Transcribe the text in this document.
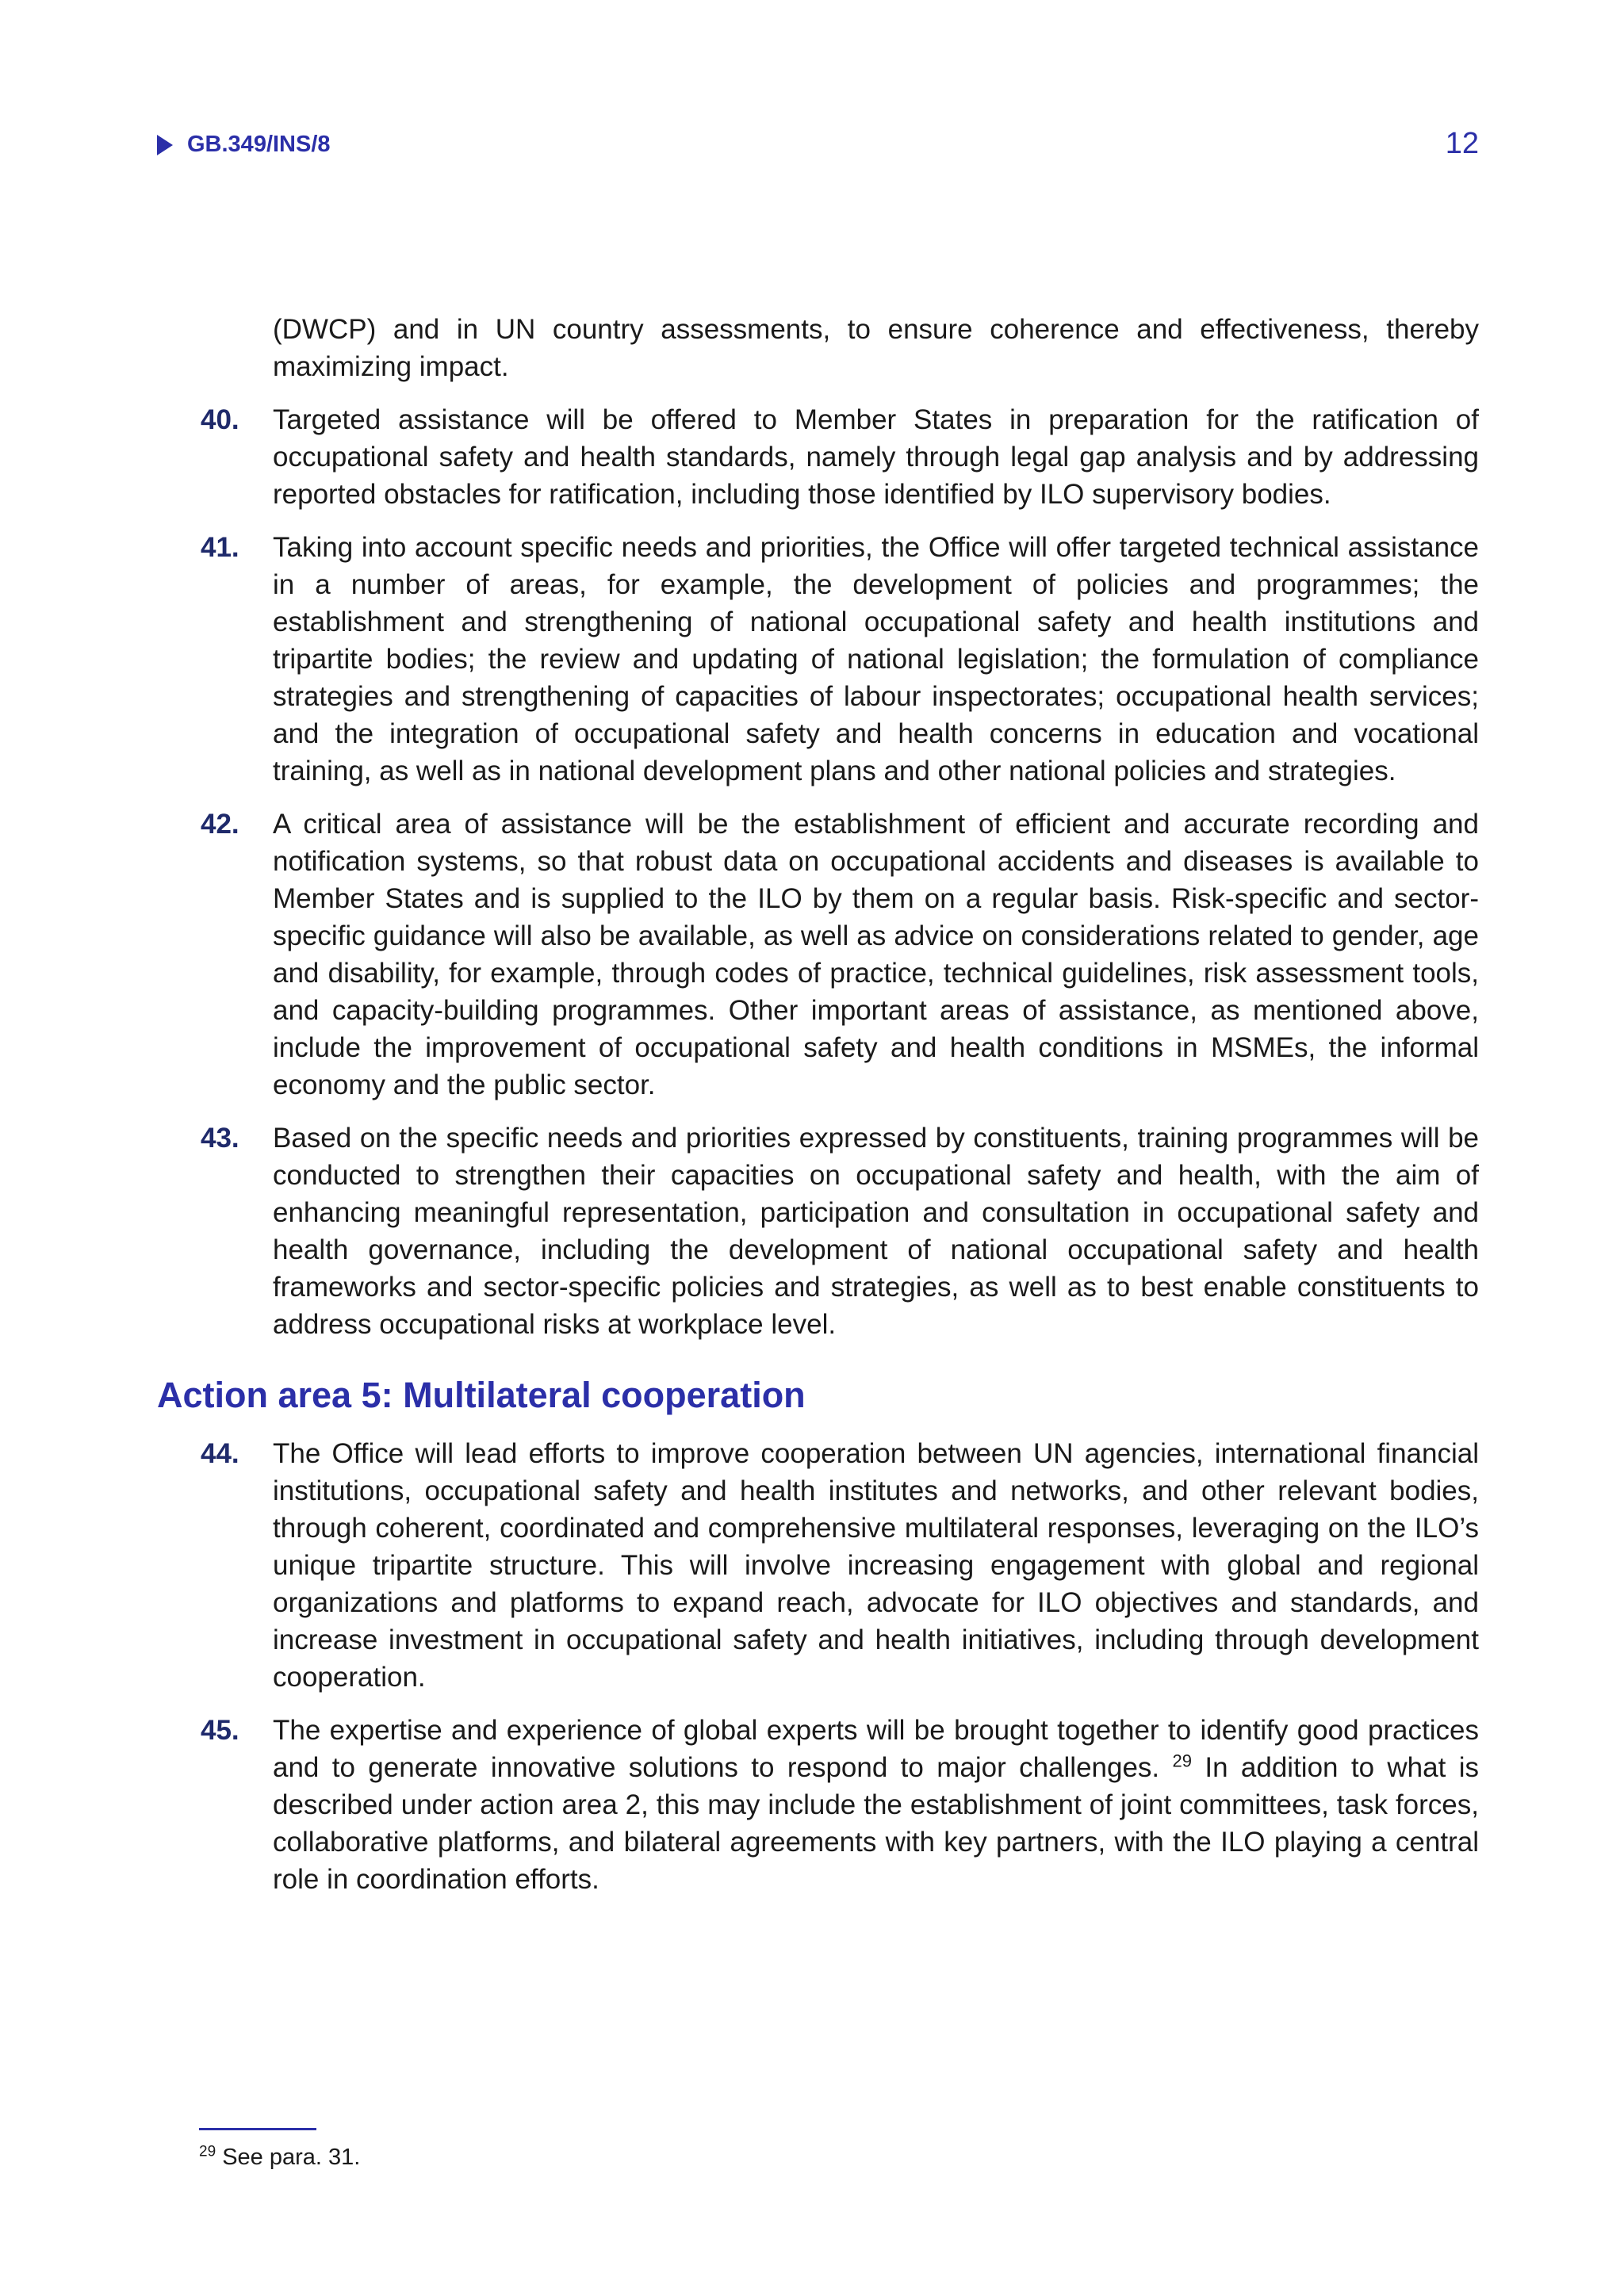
GB.349/INS/8	12
(DWCP) and in UN country assessments, to ensure coherence and effectiveness, thereby maximizing impact.
40. Targeted assistance will be offered to Member States in preparation for the ratification of occupational safety and health standards, namely through legal gap analysis and by addressing reported obstacles for ratification, including those identified by ILO supervisory bodies.
41. Taking into account specific needs and priorities, the Office will offer targeted technical assistance in a number of areas, for example, the development of policies and programmes; the establishment and strengthening of national occupational safety and health institutions and tripartite bodies; the review and updating of national legislation; the formulation of compliance strategies and strengthening of capacities of labour inspectorates; occupational health services; and the integration of occupational safety and health concerns in education and vocational training, as well as in national development plans and other national policies and strategies.
42. A critical area of assistance will be the establishment of efficient and accurate recording and notification systems, so that robust data on occupational accidents and diseases is available to Member States and is supplied to the ILO by them on a regular basis. Risk-specific and sector-specific guidance will also be available, as well as advice on considerations related to gender, age and disability, for example, through codes of practice, technical guidelines, risk assessment tools, and capacity-building programmes. Other important areas of assistance, as mentioned above, include the improvement of occupational safety and health conditions in MSMEs, the informal economy and the public sector.
43. Based on the specific needs and priorities expressed by constituents, training programmes will be conducted to strengthen their capacities on occupational safety and health, with the aim of enhancing meaningful representation, participation and consultation in occupational safety and health governance, including the development of national occupational safety and health frameworks and sector-specific policies and strategies, as well as to best enable constituents to address occupational risks at workplace level.
Action area 5: Multilateral cooperation
44. The Office will lead efforts to improve cooperation between UN agencies, international financial institutions, occupational safety and health institutes and networks, and other relevant bodies, through coherent, coordinated and comprehensive multilateral responses, leveraging on the ILO’s unique tripartite structure. This will involve increasing engagement with global and regional organizations and platforms to expand reach, advocate for ILO objectives and standards, and increase investment in occupational safety and health initiatives, including through development cooperation.
45. The expertise and experience of global experts will be brought together to identify good practices and to generate innovative solutions to respond to major challenges. $^{29}$ In addition to what is described under action area 2, this may include the establishment of joint committees, task forces, collaborative platforms, and bilateral agreements with key partners, with the ILO playing a central role in coordination efforts.
$^{29}$ See para. 31.
